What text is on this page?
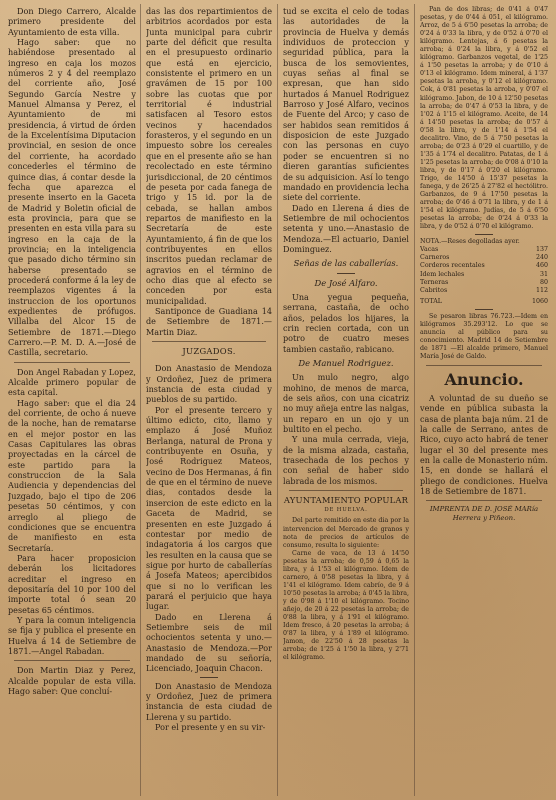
Don Diego Carrero, Alcalde primero presidente del Ayuntamiento de esta villa.

Hago saber: que no habiéndose presentado al ingreso en caja los mozos números 2 y 4 del reemplazo del corriente año, José Segundo García Nestre y Manuel Almansa y Perez, el Ayuntamiento de mi presidencia, á virtud de órden de la Excelentísima Diputacion provincial, en sesion de once del corriente, ha acordado concederles el término de quince dias, á contar desde la fecha que aparezca el presente inserto en la Gaceta de Madrid y Boletin oficial de esta provincia, para que se presenten en esta villa para su ingreso en la caja de la provincia; en la inteligencia que pasado dicho término sin haberse presentado se procederá conforme á la ley de reemplazos vigentes á la instruccion de los oportunos expedientes de prófugos. Villalba del Alcor 15 de Setiembre de 1871.—Diego Carrero.—P. M. D. A.—José de Castilla, secretario.

Don Angel Rabadan y Lopez, Alcalde primero popular de esta capital.

Hago saber: que el dia 24 del corriente, de ocho á nueve de la noche, han de rematarse en el mejor postor en las Casas Capitulares las obras proyectadas en la cárcel de este partido para la construccion de la Sala Audiencia y dependencias del Juzgado, bajo el tipo de 206 pesetas 50 céntimos, y con arreglo al pliego de condiciones que se encuentra de manifiesto en esta Secretaría.

Para hacer proposicion deberán los licitadores acreditar el ingreso en depositaría del 10 por 100 del importe total ó sean 20 pesetas 65 céntimos.

Y para la comun inteligencia se fija y publica el presente en Huelva á 14 de Setiembre de 1871.—Angel Rabadan.

Don Martin Diaz y Perez, Alcalde popular de esta villa. Hago saber: Que concluí-

das las dos repartimientos de arbitrios acordados por esta Junta municipal para cubrir parte del déficit que resulta en el presupuesto ordinario que está en ejercicio, consistente el primero en un gravámen de 15 por 100 sobre las cuotas que por territorial é industrial satisfacen al Tesoro estos vecinos y hacendados forasteros, y el segundo en un impuesto sobre los cereales que en el presente año se han recolectado en este término jurisdiccional, de 20 céntimos de peseta por cada fanega de trigo y 15 id. por la de cebada, se hallan ambos repartos de manifiesto en la Secretaría de este Ayuntamiento, á fin de que los contribuyentes en ellos inscritos puedan reclamar de agravios en el término de ocho dias que al efecto se conceden por esta municipalidad.

Santiponce de Guadiana 14 de Setiembre de 1871.—Martin Diaz.

JUZGADOS.

Don Anastasio de Mendoza y Ordoñez, Juez de primera instancia de esta ciudad y pueblos de su partido.

Por el presente tercero y último edicto, cito, llamo y emplazo á José Muñoz Berlanga, natural de Prona y contribuyente en Osuña, y José Rodriguez Mateos, vecino de Dos Hermanas, á fin de que en el término de nueve dias, contados desde la insercion de este edicto en la Gaceta de Madrid, se presenten en este Juzgado á contestar por medio de indagatoria á los cargos que les resulten en la causa que se sigue por hurto de caballerías á Josefa Mateos; apercibidos que si no lo verifican les parará el perjuicio que haya lugar.

Dado en Llerena á Setiembre seis de mil ochocientos setenta y uno.—Anastasio de Mendoza.—Por mandado de su señoría, Licenciado, Joaquin Chacon.

Don Anastasio de Mendoza y Ordoñez, Juez de primera instancia de esta ciudad de Llerena y su partido.

Por el presente y en su vir-

tud se excita el celo de todas las autoridades de la provincia de Huelva y demás individuos de proteccion y seguridad pública, para la busca de los semovientes, cuyas señas al final se expresan, que han sido hurtados á Manuel Rodriguez Barroso y José Alfaro, vecinos de Fuente del Arco; y caso de ser habidos sean remitidos á disposicion de este Juzgado con las personas en cuyo poder se encuentren si no dieren garantías suficientes de su adquisicion. Así lo tengo mandado en providencia lecha siete del corriente.

Dado en Llerena á dies de Setiembre de mil ochocientos setenta y uno.—Anastasio de Mendoza.—El actuario, Daniel Dominguez.

Señas de las caballerías.
De José Alfaro.

Una yegua pequeña, serrana, castaña, de ocho años, pelados los hijares, la crin recien cortada, con un potro de cuatro meses tambien castaño, rabicano.

De Manuel Rodriguez.

Un mulo negro, algo mohino, de menos de marca, de seis años, con una cicatriz no muy añeja entre las nalgas, un reparo en un ojo y un bultito en el pecho.

Y una mula cerrada, vieja, de la misma alzada, castaña, trasechada de los pechos y con señal de haber sido labrada de los mismos.

AYUNTAMIENTO POPULAR
DE HUELVA.

Del parte remitido en este dia por la intervencion del Mercado de granos y nota de precios de artículos de consumo, resulta lo siguiente:

Carne de vaca, de 13 á 14'50 pesetas la arroba; de 0,59 á 0,65 la libra, y á 1'53 el kilógramo. Idem de carnero, á 0'58 pesetas la libra, y á 1'41 el kilógramo. Idem cabrío, de 9 á 10'50 pesetas la arroba; á 0'45 la libra, y de 0'98 á 1'10 el kilógramo. Tocino añejo, de 20 á 22 pesetas la arroba; de 0'88 la libra, y á 1'91 el kilógramo. Idem fresco, á 20 pesetas la arroba; á 0'87 la libra, y á 1'89 el kilógramo. Jamon, de 22'50 á 28 pesetas la arroba; de 1'25 á 1'50 la libra, y 2'71 el kilógramo.

Pan de dos libras; de 0'41 á 0'47 pesetas, y de 0'44 á 051, el kilógramo. Arroz, de 5 á 6'50 pesetas la arroba; de 0'24 á 0'33 la libra, y de 0'52 á 0'70 el kilógramo. Lentejas, á 6 pesetas la arroba; á 0'24 la libra, y á 0'52 el kilógramo. Garbanzos vegetal, de 1'25 á 1'50 pesetas la arroba; y de 0'10 á 0'13 el kilógramo. Idem mineral, á 1'37 pesetas la arroba, y 0'12 el kilógramo. Cok, á 0'81 pesetas la arroba, y 0'07 el kilógramo. Jabon, de 10 á 12'50 pesetas la arroba; de 0'47 á 0'53 la libra, y de 1'02 á 1'15 el kilógramo. Aceite, de 14 á 14'50 pesetas la arroba; de 0'57 á 0'58 la libra, y de 1'14 á 1'54 el decalitro. Vino, de 5 á 7'50 pesetas la arroba; de 0'23 á 0'29 el cuartillo, y de 1'35 á 1'74 el decalitro. Patatas, de 1 á 1'25 pesetas la arroba; de 0'08 á 0'10 la libra, y de 0'17 á 0'20 el kilógramo. Trigo, de 14'50 á 15'37 pesetas la fanega, y de 26'25 á 27'82 el hectólitro. Garbanzos, de 9 á 17'50 pesetas la arroba; de 0'46 á 0'71 la libra, y de 1 á 1'54 el kilógramo. Judías, de 5 á 6'50 pesetas la arroba; de 0'24 á 0'33 la libra, y de 0'52 á 0'70 el kilógramo.

NOTA.—Reses degolladas ayer.

Vacas	137
Carneros	240
Corderos recentales	460
Idem lechales	31
Terneras	80
Cabritos	112
TOTAL	1060

Se pesaron libras 76.723.—Idem en kilógramos 35.293'12. Lo que se anuncia al público para su conocimiento. Madrid 14 de Setiembre de 1871 —El alcalde primero, Manuel María José de Galdo.

Anuncio.

A voluntad de su dueño se vende en pública subasta la casa de planta baja núm. 21 de la calle de Serrano, antes de Rico, cuyo acto habrá de tener lugar el 30 del presente mes en la calle de Monasterio núm. 15, en donde se hallará el pliego de condiciones. Huelva 18 de Setiembre de 1871.

IMPRENTA DE D. JOSÉ MARía Herrera y Piñeon.
